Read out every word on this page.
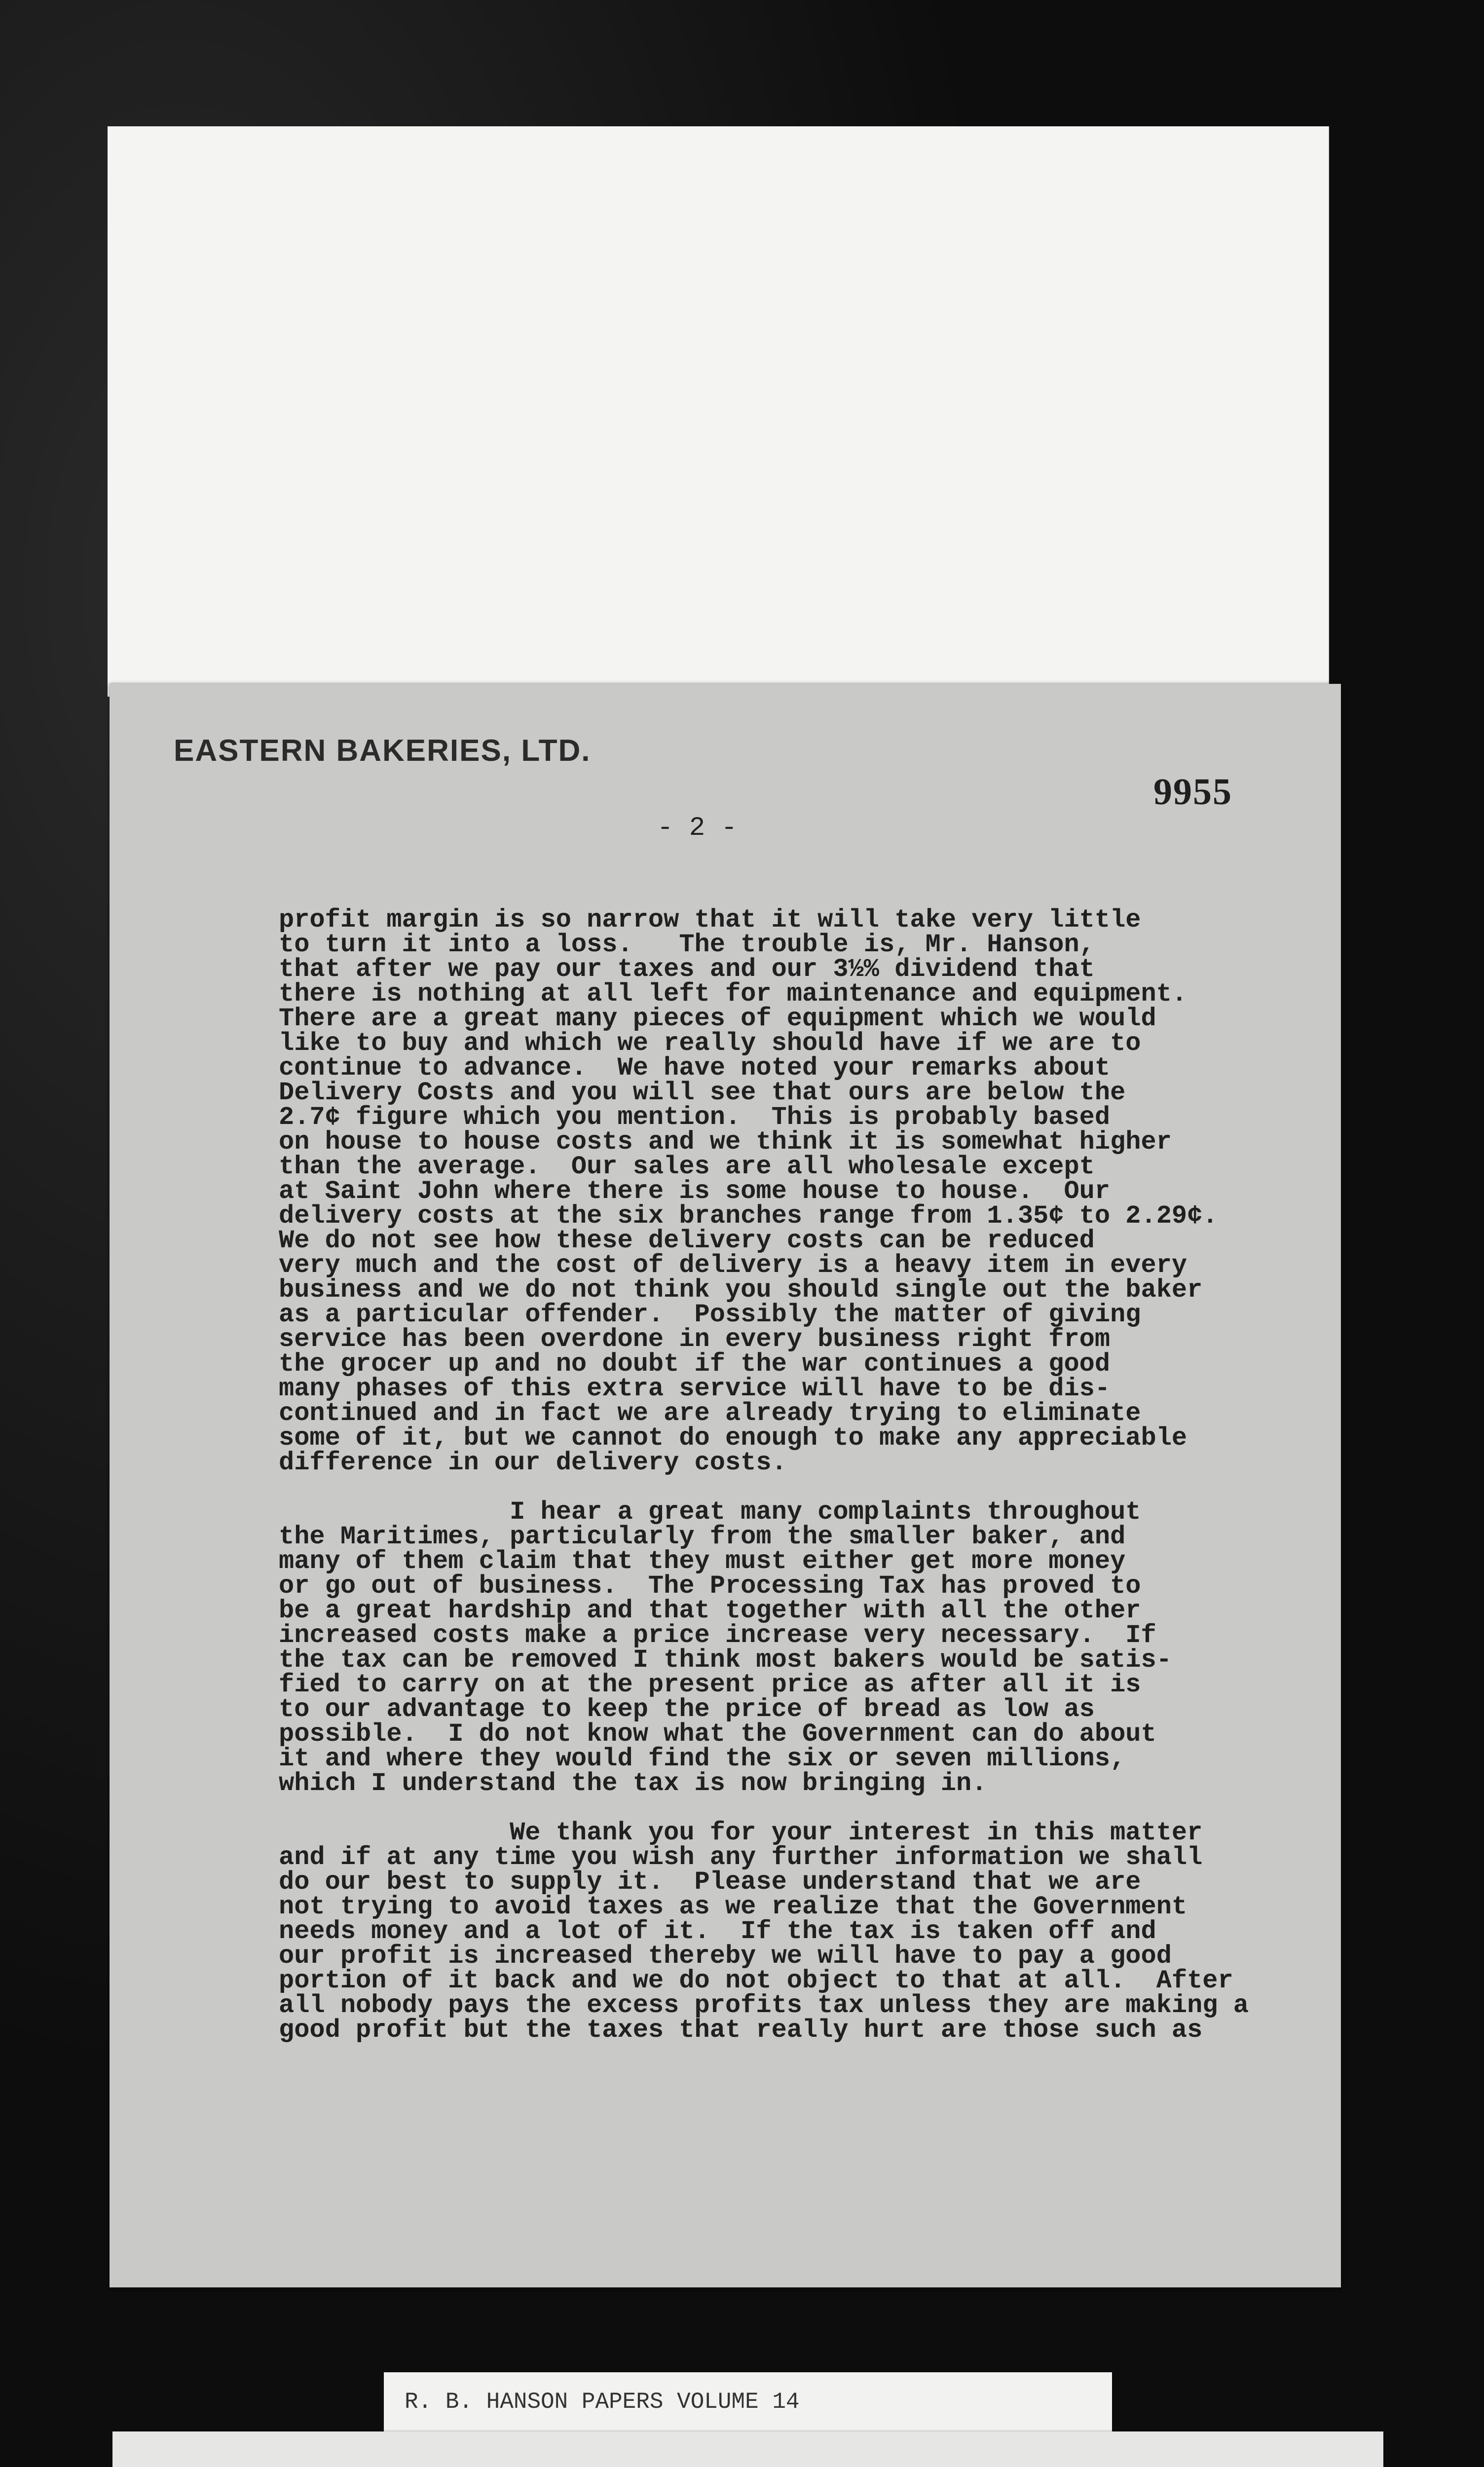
EASTERN BAKERIES, LTD.
9955
- 2 -

profit margin is so narrow that it will take very little

to turn it into a loss.   The trouble is, Mr. Hanson,

that after we pay our taxes and our 3½% dividend that

there is nothing at all left for maintenance and equipment.

There are a great many pieces of equipment which we would

like to buy and which we really should have if we are to

continue to advance.  We have noted your remarks about

Delivery Costs and you will see that ours are below the

2.7¢ figure which you mention.  This is probably based

on house to house costs and we think it is somewhat higher

than the average.  Our sales are all wholesale except

at Saint John where there is some house to house.  Our

delivery costs at the six branches range from 1.35¢ to 2.29¢.

We do not see how these delivery costs can be reduced

very much and the cost of delivery is a heavy item in every

business and we do not think you should single out the baker

as a particular offender.  Possibly the matter of giving

service has been overdone in every business right from

the grocer up and no doubt if the war continues a good

many phases of this extra service will have to be dis-

continued and in fact we are already trying to eliminate

some of it, but we cannot do enough to make any appreciable

difference in our delivery costs.

I hear a great many complaints throughout

the Maritimes, particularly from the smaller baker, and

many of them claim that they must either get more money

or go out of business.  The Processing Tax has proved to

be a great hardship and that together with all the other

increased costs make a price increase very necessary.  If

the tax can be removed I think most bakers would be satis-

fied to carry on at the present price as after all it is

to our advantage to keep the price of bread as low as

possible.  I do not know what the Government can do about

it and where they would find the six or seven millions,

which I understand the tax is now bringing in.

We thank you for your interest in this matter

and if at any time you wish any further information we shall

do our best to supply it.  Please understand that we are

not trying to avoid taxes as we realize that the Government

needs money and a lot of it.  If the tax is taken off and

our profit is increased thereby we will have to pay a good

portion of it back and we do not object to that at all.  After

all nobody pays the excess profits tax unless they are making a

good profit but the taxes that really hurt are those such as

R. B. HANSON PAPERS VOLUME 14
